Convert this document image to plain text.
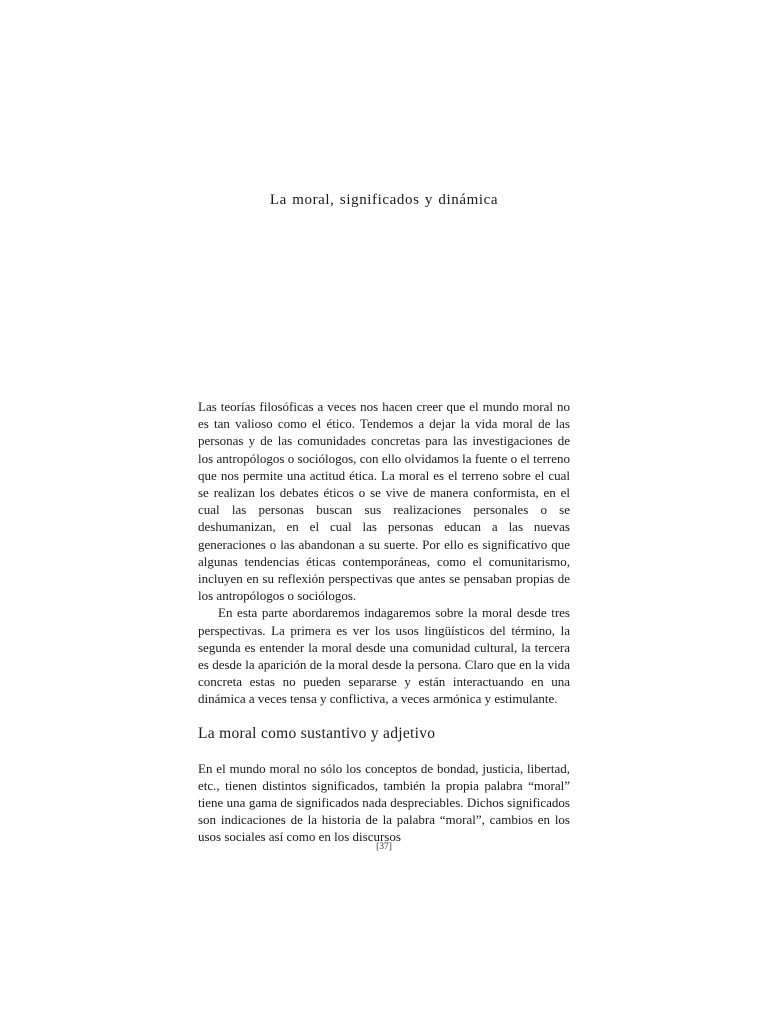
La moral, significados y dinámica

Las teorías filosóficas a veces nos hacen creer que el mundo moral no es tan valioso como el ético. Tendemos a dejar la vida moral de las personas y de las comunidades concretas para las investigaciones de los antropólogos o sociólogos, con ello olvidamos la fuente o el terreno que nos permite una actitud ética. La moral es el terreno sobre el cual se realizan los debates éticos o se vive de manera conformista, en el cual las personas buscan sus realizaciones personales o se deshumanizan, en el cual las personas educan a las nuevas generaciones o las abandonan a su suerte. Por ello es significativo que algunas tendencias éticas contemporáneas, como el comunitarismo, incluyen en su reflexión perspectivas que antes se pensaban propias de los antropólogos o sociólogos.

En esta parte abordaremos indagaremos sobre la moral desde tres perspectivas. La primera es ver los usos lingüísticos del término, la segunda es entender la moral desde una comunidad cultural, la tercera es desde la aparición de la moral desde la persona. Claro que en la vida concreta estas no pueden separarse y están interactuando en una dinámica a veces tensa y conflictiva, a veces armónica y estimulante.

La moral como sustantivo y adjetivo

En el mundo moral no sólo los conceptos de bondad, justicia, libertad, etc., tienen distintos significados, también la propia palabra “moral” tiene una gama de significados nada despreciables. Dichos significados son indicaciones de la historia de la palabra “moral”, cambios en los usos sociales así como en los discursos

[37]
